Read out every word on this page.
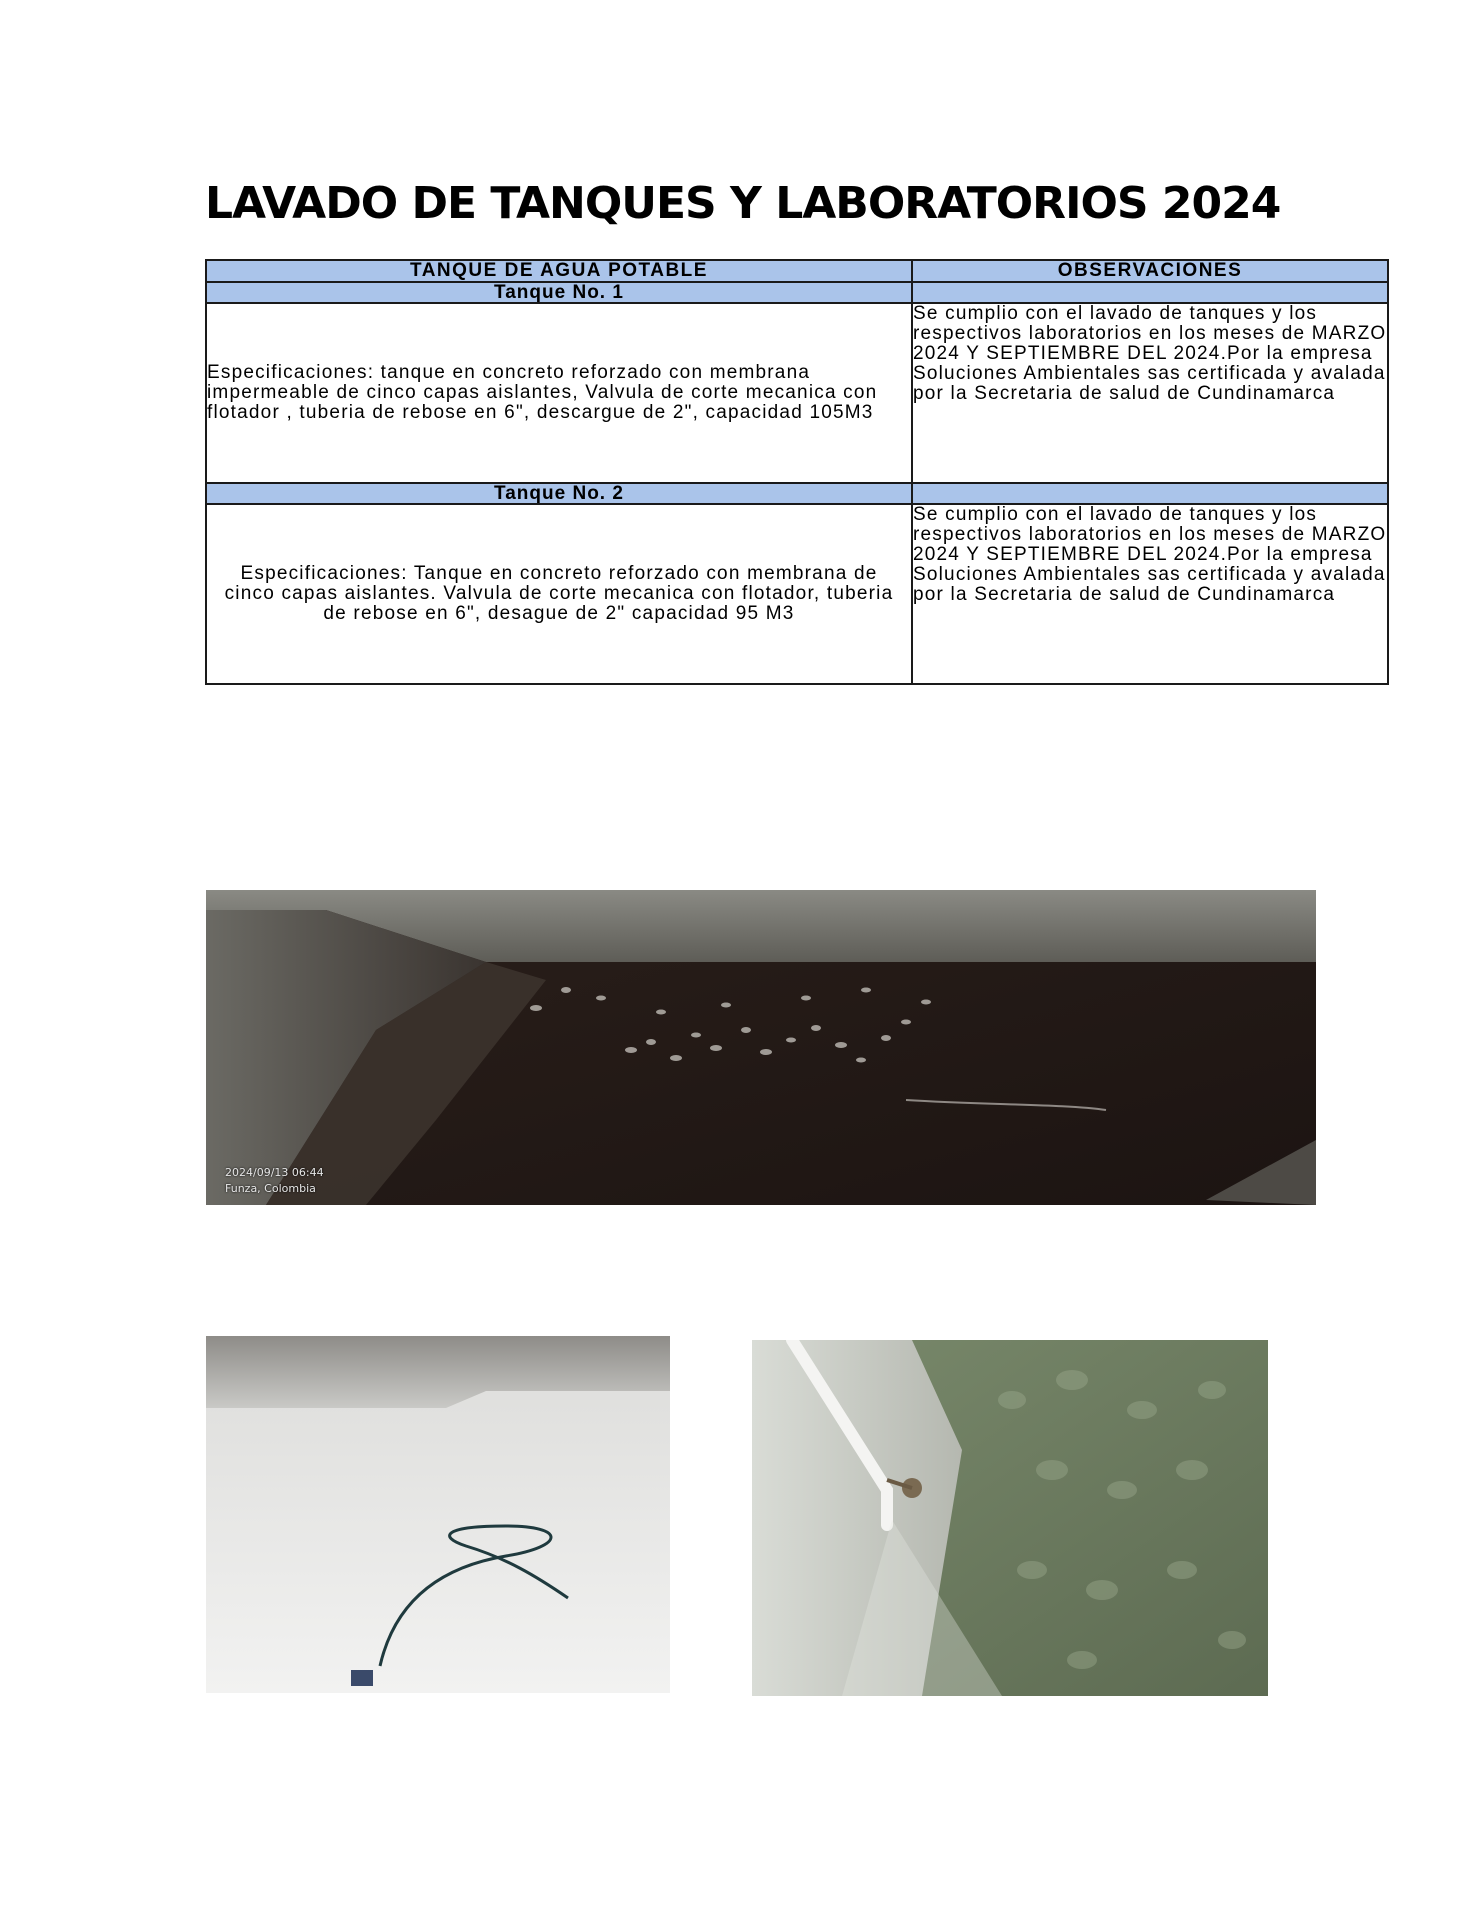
LAVADO DE TANQUES Y LABORATORIOS 2024
TANQUE DE AGUA POTABLE	OBSERVACIONES
Tanque No. 1	
Especificaciones: tanque en concreto reforzado con membrana impermeable de cinco capas aislantes, Valvula de corte mecanica con flotador , tuberia de rebose en 6", descargue de 2", capacidad 105M3	Se cumplio con el lavado de tanques y los respectivos laboratorios en los meses de MARZO 2024 Y SEPTIEMBRE DEL 2024.Por la empresa Soluciones Ambientales sas certificada y avalada por la Secretaria de salud de Cundinamarca
Tanque No. 2	
Especificaciones: Tanque en concreto reforzado con membrana de cinco capas aislantes. Valvula de corte mecanica con flotador, tuberia de rebose en 6", desague de 2" capacidad 95 M3	Se cumplio con el lavado de tanques y los respectivos laboratorios en los meses de MARZO 2024 Y SEPTIEMBRE DEL 2024.Por la empresa Soluciones Ambientales sas certificada y avalada por la Secretaria de salud de Cundinamarca
2024/09/13 06:44
Funza, Colombia
